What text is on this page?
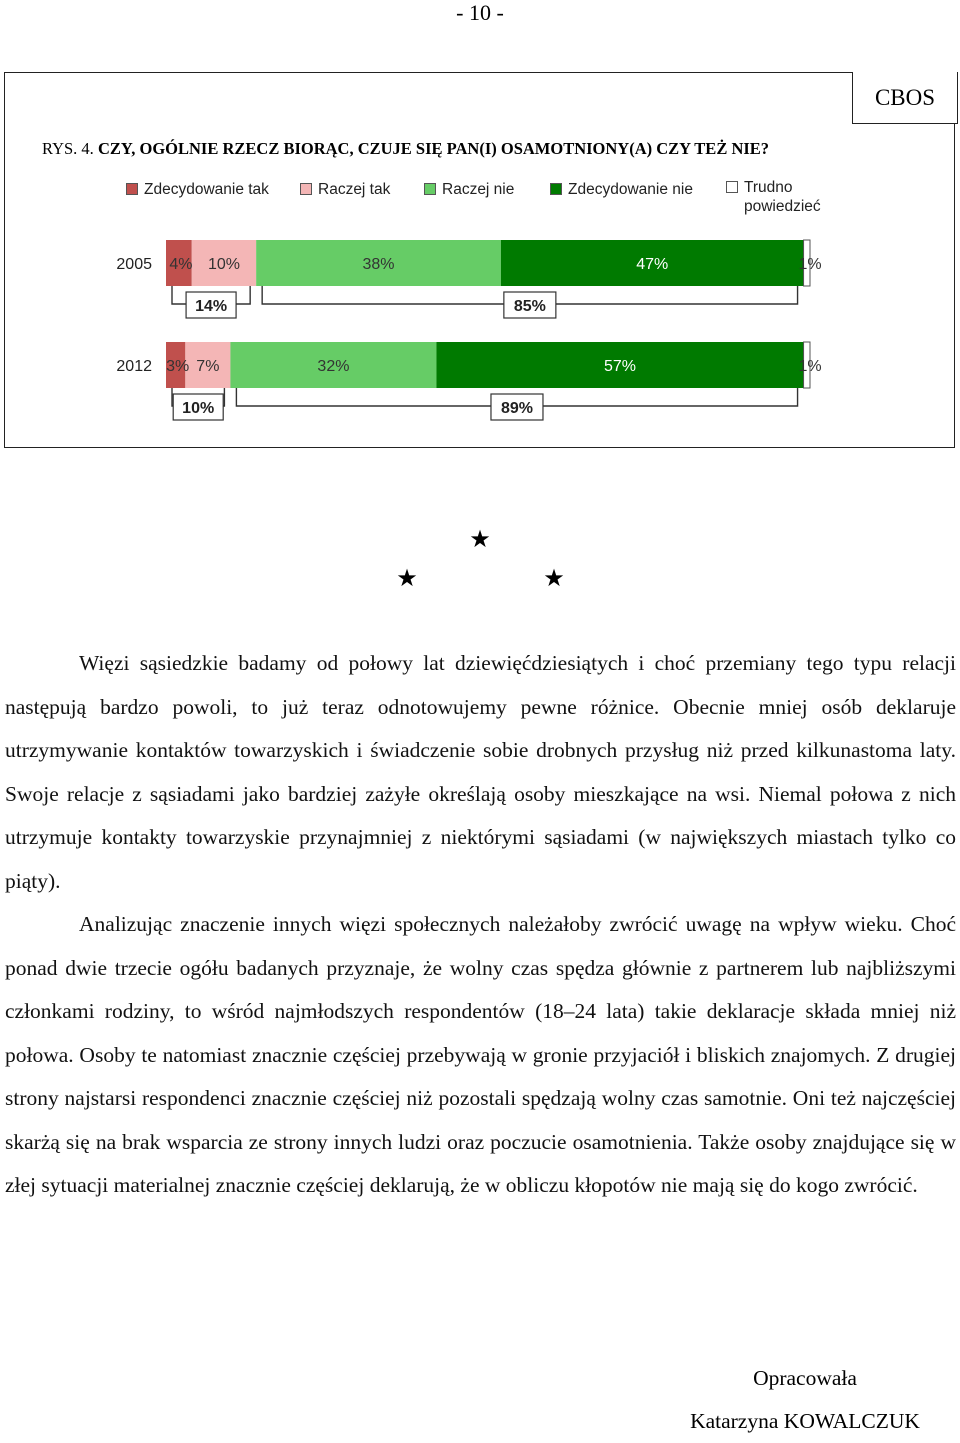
- 10 -
CBOS
RYS. 4. CZY, OGÓLNIE RZECZ BIORĄC, CZUJE SIĘ PAN(I) OSAMOTNIONY(A) CZY TEŻ NIE?
Zdecydowanie tak	Raczej tak	Raczej nie	Zdecydowanie nie	Trudno powiedzieć
2005 4% 10%	38%	47%	1%
14%	85%
2012 3% 7%	32%	57%	1%
10%	89%
★
★	★

Więzi sąsiedzkie badamy od połowy lat dziewięćdziesiątych i choć przemiany tego typu relacji następują bardzo powoli, to już teraz odnotowujemy pewne różnice. Obecnie mniej osób deklaruje utrzymywanie kontaktów towarzyskich i świadczenie sobie drobnych przysług niż przed kilkunastoma laty. Swoje relacje z sąsiadami jako bardziej zażyłe określają osoby mieszkające na wsi. Niemal połowa z nich utrzymuje kontakty towarzyskie przynajmniej z niektórymi sąsiadami (w największych miastach tylko co piąty).

Analizując znaczenie innych więzi społecznych należałoby zwrócić uwagę na wpływ wieku. Choć ponad dwie trzecie ogółu badanych przyznaje, że wolny czas spędza głównie z partnerem lub najbliższymi członkami rodziny, to wśród najmłodszych respondentów (18–24 lata) takie deklaracje składa mniej niż połowa. Osoby te natomiast znacznie częściej przebywają w gronie przyjaciół i bliskich znajomych. Z drugiej strony najstarsi respondenci znacznie częściej niż pozostali spędzają wolny czas samotnie. Oni też najczęściej skarżą się na brak wsparcia ze strony innych ludzi oraz poczucie osamotnienia. Także osoby znajdujące się w złej sytuacji materialnej znacznie częściej deklarują, że w obliczu kłopotów nie mają się do kogo zwrócić.

Opracowała
Katarzyna KOWALCZUK
